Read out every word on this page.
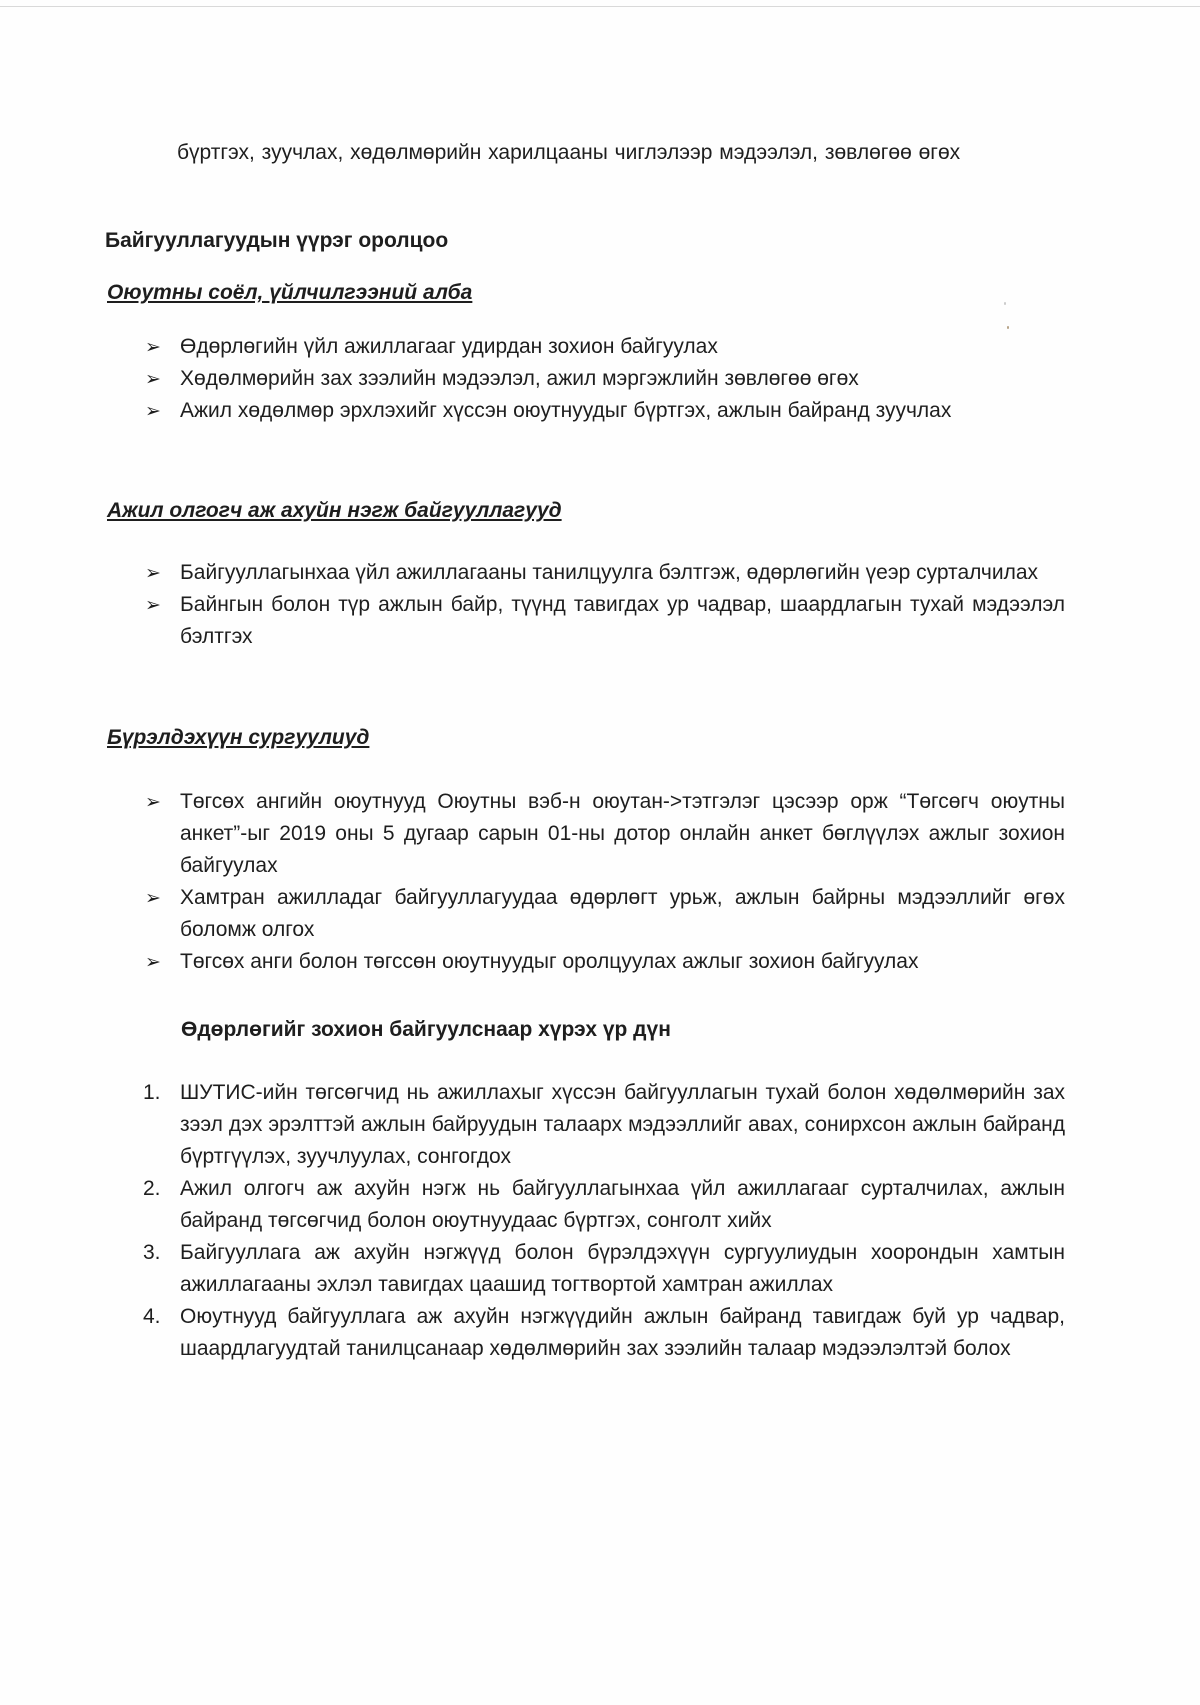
бүртгэх, зуучлах, хөдөлмөрийн харилцааны чиглэлээр мэдээлэл, зөвлөгөө өгөх
Байгууллагуудын үүрэг оролцоо
Оюутны соёл, үйлчилгээний алба
➢ Өдөрлөгийн үйл ажиллагааг удирдан зохион байгуулах
➢ Хөдөлмөрийн зах зээлийн мэдээлэл, ажил мэргэжлийн зөвлөгөө өгөх
➢ Ажил хөдөлмөр эрхлэхийг хүссэн оюутнуудыг бүртгэх, ажлын байранд зуучлах
Ажил олгогч аж ахуйн нэгж байгууллагууд
➢ Байгууллагынхаа үйл ажиллагааны танилцуулга бэлтгэж, өдөрлөгийн үеэр сурталчилах
➢ Байнгын болон түр ажлын байр, түүнд тавигдах ур чадвар, шаардлагын тухай мэдээлэл бэлтгэх
Бүрэлдэхүүн сургуулиуд
➢ Төгсөх ангийн оюутнууд Оюутны вэб-н оюутан->тэтгэлэг цэсээр орж “Төгсөгч оюутны анкет”-ыг 2019 оны 5 дугаар сарын 01-ны дотор онлайн анкет бөглүүлэх ажлыг зохион байгуулах
➢ Хамтран ажилладаг байгууллагуудаа өдөрлөгт урьж, ажлын байрны мэдээллийг өгөх боломж олгох
➢ Төгсөх анги болон төгссөн оюутнуудыг оролцуулах ажлыг зохион байгуулах
Өдөрлөгийг зохион байгуулснаар хүрэх үр дүн
1. ШУТИС-ийн төгсөгчид нь ажиллахыг хүссэн байгууллагын тухай болон хөдөлмөрийн зах зээл дэх эрэлттэй ажлын байруудын талаарх мэдээллийг авах, сонирхсон ажлын байранд бүртгүүлэх, зуучлуулах, сонгогдох
2. Ажил олгогч аж ахуйн нэгж нь байгууллагынхаа үйл ажиллагааг сурталчилах, ажлын байранд төгсөгчид болон оюутнуудаас бүртгэх, сонголт хийх
3. Байгууллага аж ахуйн нэгжүүд болон бүрэлдэхүүн сургуулиудын хоорондын хамтын ажиллагааны эхлэл тавигдах цаашид тогтвортой хамтран ажиллах
4. Оюутнууд байгууллага аж ахуйн нэгжүүдийн ажлын байранд тавигдаж буй ур чадвар, шаардлагуудтай танилцсанаар хөдөлмөрийн зах зээлийн талаар мэдээлэлтэй болох
